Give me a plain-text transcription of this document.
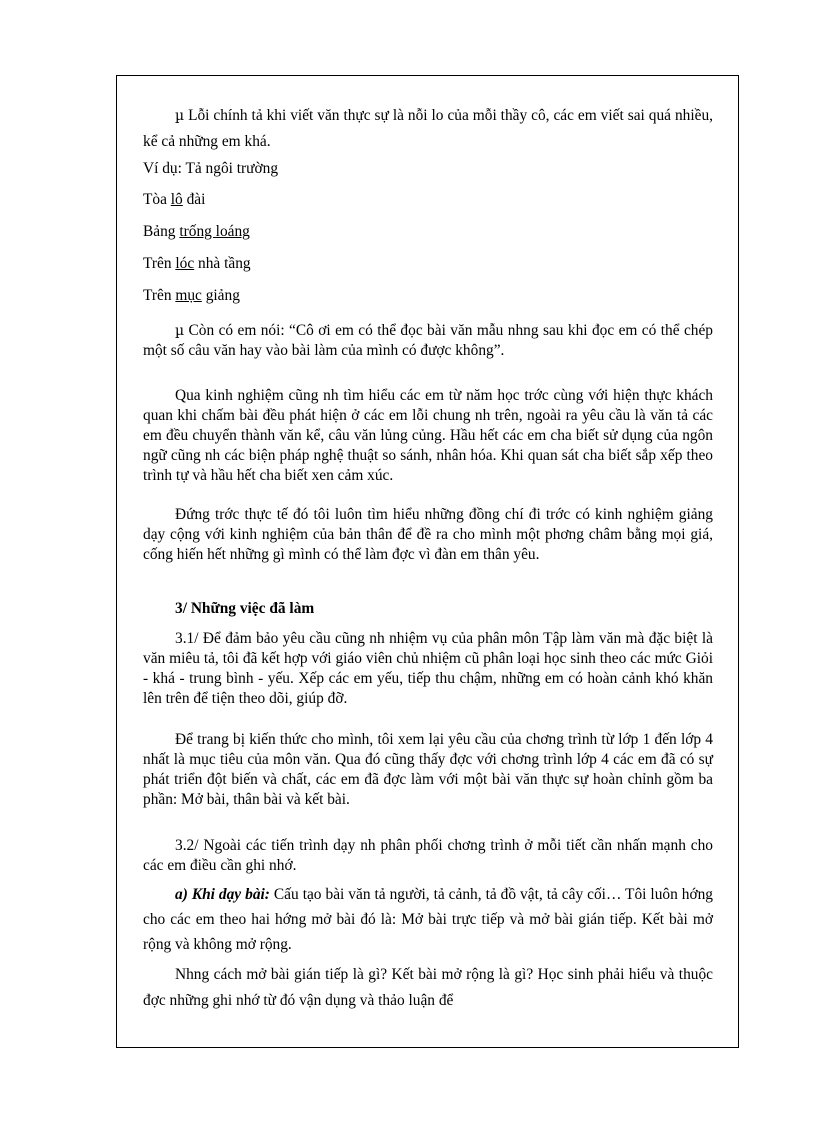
µ Lỗi chính tả khi viết văn thực sự là nỗi lo của mỗi thầy cô, các em viết sai quá nhiều, kể cả những em khá.
Ví dụ: Tả ngôi trường
Tòa lô đài
Bảng trống loáng
Trên lóc nhà tầng
Trên mục giảng
µ Còn có em nói: “Cô ơi em có thể đọc bài văn mẫu nhng sau khi đọc em có thể chép một số câu văn hay vào bài làm của mình có được không”.
Qua kinh nghiệm cũng nh tìm hiểu các em từ năm học trớc cùng với hiện thực khách quan khi chấm bài đều phát hiện ở các em lỗi chung nh trên, ngoài ra yêu cầu là văn tả các em đều chuyển thành văn kể, câu văn lủng củng. Hầu hết các em cha biết sử dụng của ngôn ngữ cũng nh các biện pháp nghệ thuật so sánh, nhân hóa. Khi quan sát cha biết sắp xếp theo trình tự và hầu hết cha biết xen cảm xúc.
Đứng trớc thực tế đó tôi luôn tìm hiểu những đồng chí đi trớc có kinh nghiệm giảng dạy cộng với kinh nghiệm của bản thân để đề ra cho mình một phơng châm bằng mọi giá, cống hiến hết những gì mình có thể làm đợc vì đàn em thân yêu.
3/ Những việc đã làm
3.1/ Để đảm bảo yêu cầu cũng nh nhiệm vụ của phân môn Tập làm văn mà đặc biệt là văn miêu tả, tôi đã kết hợp với giáo viên chủ nhiệm cũ phân loại học sinh theo các mức Giỏi - khá - trung bình - yếu. Xếp các em yếu, tiếp thu chậm, những em có hoàn cảnh khó khăn lên trên để tiện theo dõi, giúp đỡ.
Để trang bị kiến thức cho mình, tôi xem lại yêu cầu của chơng trình từ lớp 1 đến lớp 4 nhất là mục tiêu của môn văn. Qua đó cũng thấy đợc với chơng trình lớp 4 các em đã có sự phát triển đột biến và chất, các em đã đợc làm với một bài văn thực sự hoàn chỉnh gồm ba phần: Mở bài, thân bài và kết bài.
3.2/ Ngoài các tiến trình dạy nh phân phối chơng trình ở mỗi tiết cần nhấn mạnh cho các em điều cần ghi nhớ.
a) Khi dạy bài: Cấu tạo bài văn tả người, tả cảnh, tả đồ vật, tả cây cối… Tôi luôn hớng cho các em theo hai hớng mở bài đó là: Mở bài trực tiếp và mở bài gián tiếp. Kết bài mở rộng và không mở rộng.
Nhng cách mở bài gián tiếp là gì? Kết bài mở rộng là gì? Học sinh phải hiểu và thuộc đợc những ghi nhớ từ đó vận dụng và thảo luận để
